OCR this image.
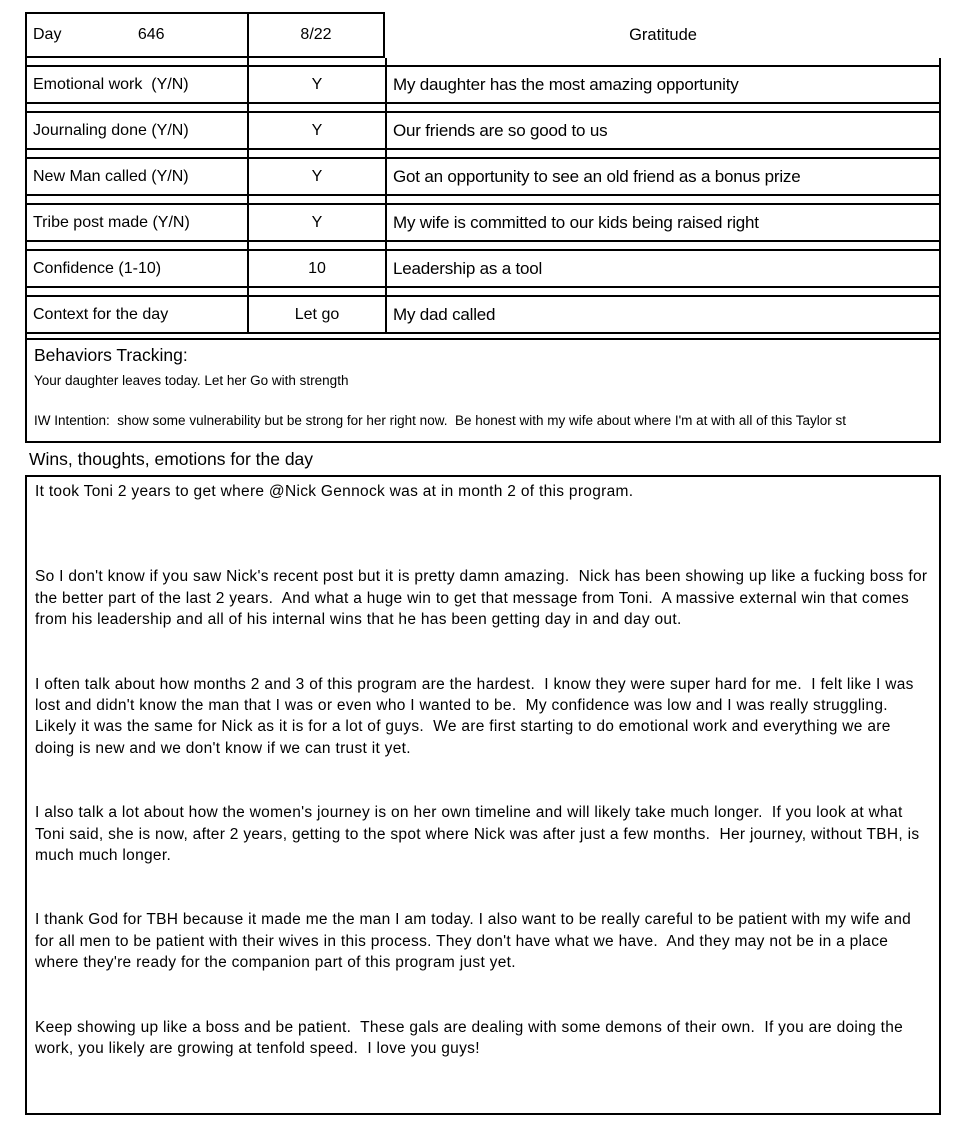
Day	646	8/22	Gratitude
Emotional work  (Y/N)	Y	My daughter has the most amazing opportunity
Journaling done (Y/N)	Y	Our friends are so good to us
New Man called (Y/N)	Y	Got an opportunity to see an old friend as a bonus prize
Tribe post made (Y/N)	Y	My wife is committed to our kids being raised right
Confidence (1-10)	10	Leadership as a tool
Context for the day	Let go	My dad called
Behaviors Tracking:
Your daughter leaves today. Let her Go with strength
IW Intention:  show some vulnerability but be strong for her right now.  Be honest with my wife about where I'm at with all of this Taylor st
Wins, thoughts, emotions for the day

It took Toni 2 years to get where @Nick Gennock was at in month 2 of this program.

So I don't know if you saw Nick's recent post but it is pretty damn amazing.  Nick has been showing up like a fucking boss for the better part of the last 2 years.  And what a huge win to get that message from Toni.  A massive external win that comes from his leadership and all of his internal wins that he has been getting day in and day out.

I often talk about how months 2 and 3 of this program are the hardest.  I know they were super hard for me.  I felt like I was lost and didn't know the man that I was or even who I wanted to be.  My confidence was low and I was really struggling.  Likely it was the same for Nick as it is for a lot of guys.  We are first starting to do emotional work and everything we are doing is new and we don't know if we can trust it yet.

I also talk a lot about how the women's journey is on her own timeline and will likely take much longer.  If you look at what Toni said, she is now, after 2 years, getting to the spot where Nick was after just a few months.  Her journey, without TBH, is much much longer.

I thank God for TBH because it made me the man I am today. I also want to be really careful to be patient with my wife and for all men to be patient with their wives in this process. They don't have what we have.  And they may not be in a place where they're ready for the companion part of this program just yet.

Keep showing up like a boss and be patient.  These gals are dealing with some demons of their own.  If you are doing the work, you likely are growing at tenfold speed.  I love you guys!
